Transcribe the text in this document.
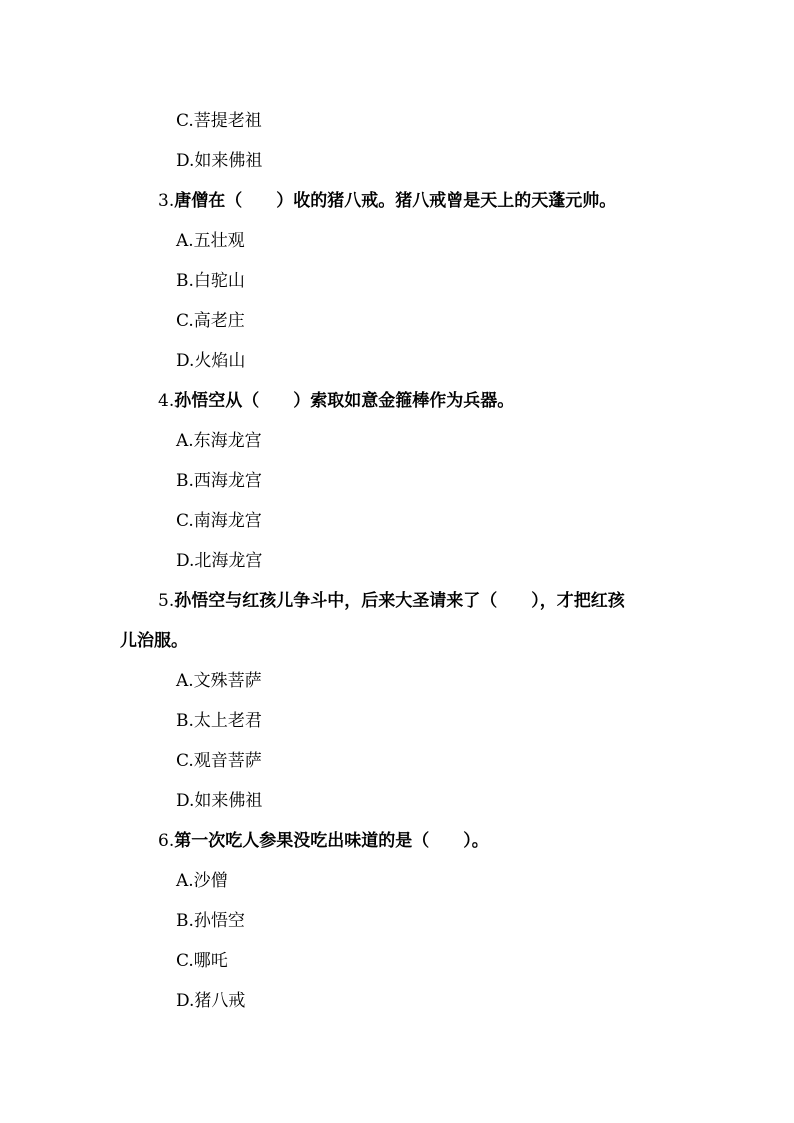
C.菩提老祖
D.如来佛祖
3.唐僧在（　　）收的猪八戒。猪八戒曾是天上的天蓬元帅。
A.五壮观
B.白驼山
C.高老庄
D.火焰山
4.孙悟空从（　　）索取如意金箍棒作为兵器。
A.东海龙宫
B.西海龙宫
C.南海龙宫
D.北海龙宫
5.孙悟空与红孩儿争斗中，后来大圣请来了（　　），才把红孩
儿治服。
A.文殊菩萨
B.太上老君
C.观音菩萨
D.如来佛祖
6.第一次吃人参果没吃出味道的是（　　）。
A.沙僧
B.孙悟空
C.哪吒
D.猪八戒
